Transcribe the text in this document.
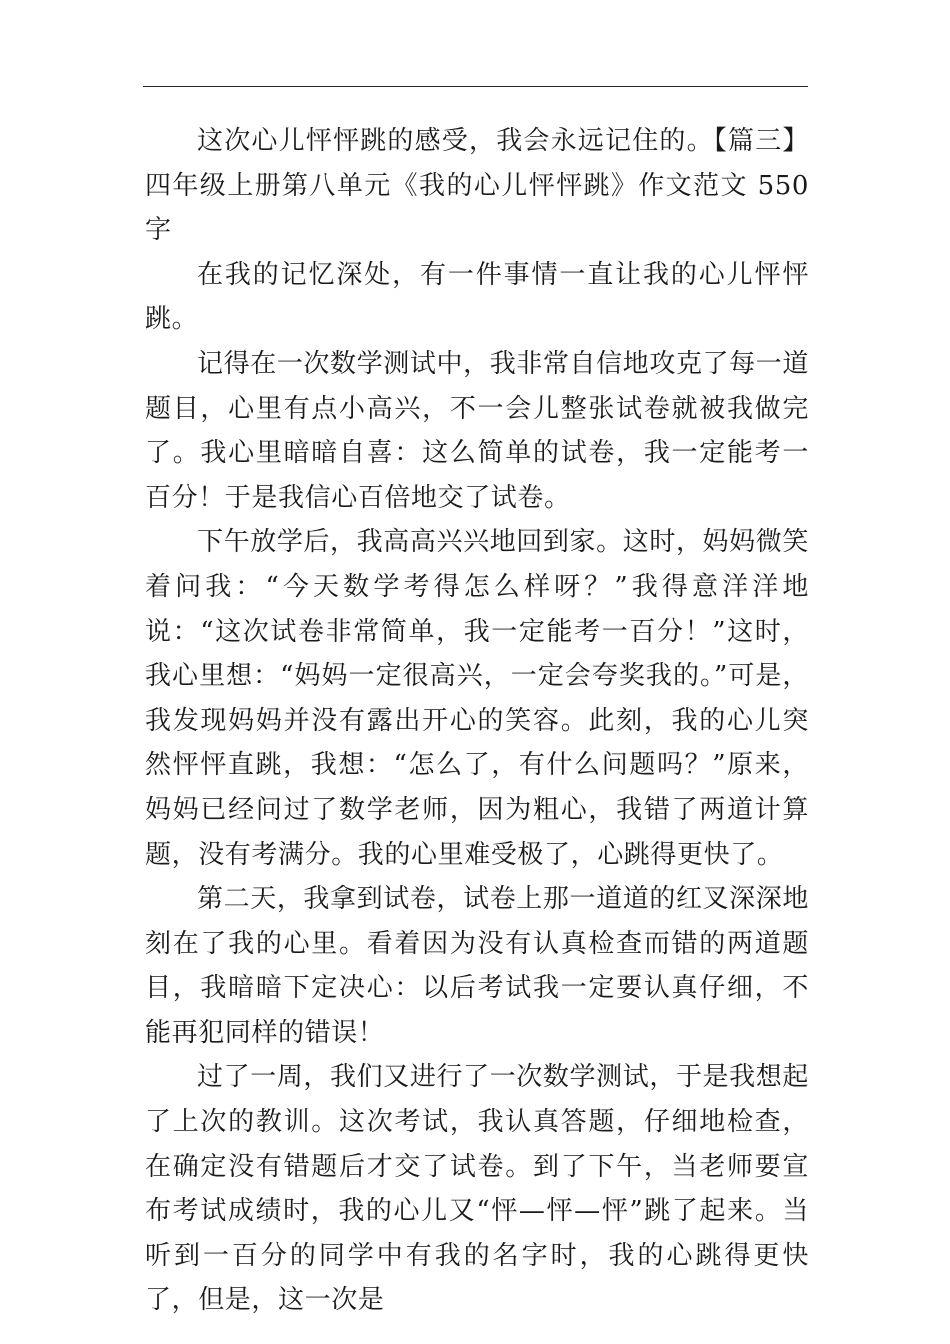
这次心儿怦怦跳的感受，我会永远记住的。【篇三】四年级上册第八单元《我的心儿怦怦跳》作文范文 550 字

在我的记忆深处，有一件事情一直让我的心儿怦怦跳。

记得在一次数学测试中，我非常自信地攻克了每一道题目，心里有点小高兴，不一会儿整张试卷就被我做完了。我心里暗暗自喜：这么简单的试卷，我一定能考一百分！于是我信心百倍地交了试卷。

下午放学后，我高高兴兴地回到家。这时，妈妈微笑着问我：“今天数学考得怎么样呀？”我得意洋洋地说：“这次试卷非常简单，我一定能考一百分！”这时，我心里想：“妈妈一定很高兴，一定会夸奖我的。”可是，我发现妈妈并没有露出开心的笑容。此刻，我的心儿突然怦怦直跳，我想：“怎么了，有什么问题吗？”原来，妈妈已经问过了数学老师，因为粗心，我错了两道计算题，没有考满分。我的心里难受极了，心跳得更快了。

第二天，我拿到试卷，试卷上那一道道的红叉深深地刻在了我的心里。看着因为没有认真检查而错的两道题目，我暗暗下定决心：以后考试我一定要认真仔细，不能再犯同样的错误！

过了一周，我们又进行了一次数学测试，于是我想起了上次的教训。这次考试，我认真答题，仔细地检查，在确定没有错题后才交了试卷。到了下午，当老师要宣布考试成绩时，我的心儿又“怦—怦—怦”跳了起来。当听到一百分的同学中有我的名字时，我的心跳得更快了，但是，这一次是
